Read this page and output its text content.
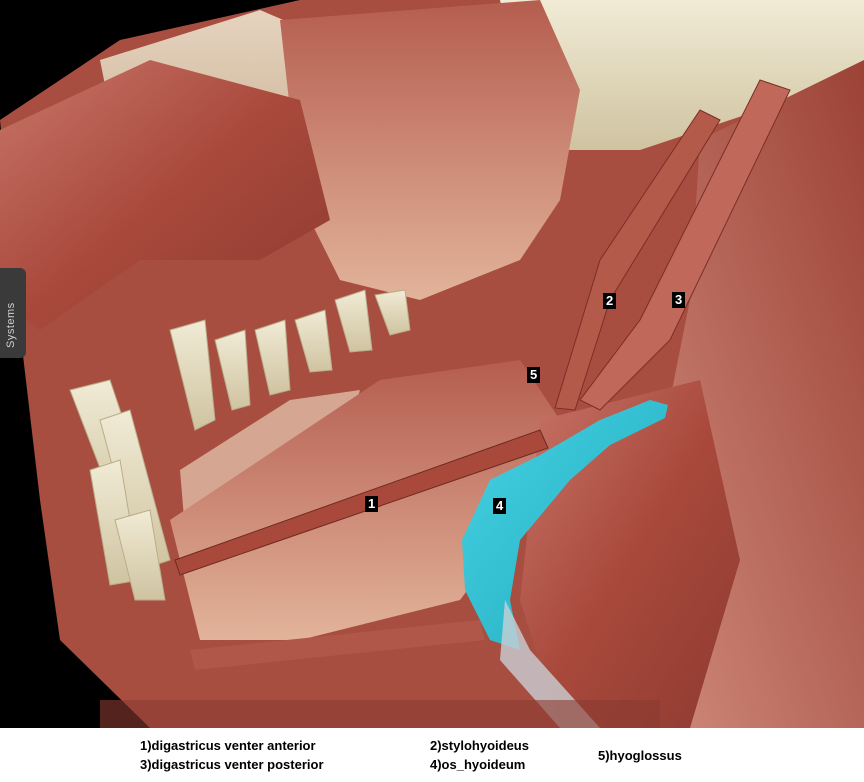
Systems
1
2	3
4
5
1)digastricus venter anterior
3)digastricus venter posterior
2)stylohyoideus
4)os_hyoideum
5)hyoglossus
